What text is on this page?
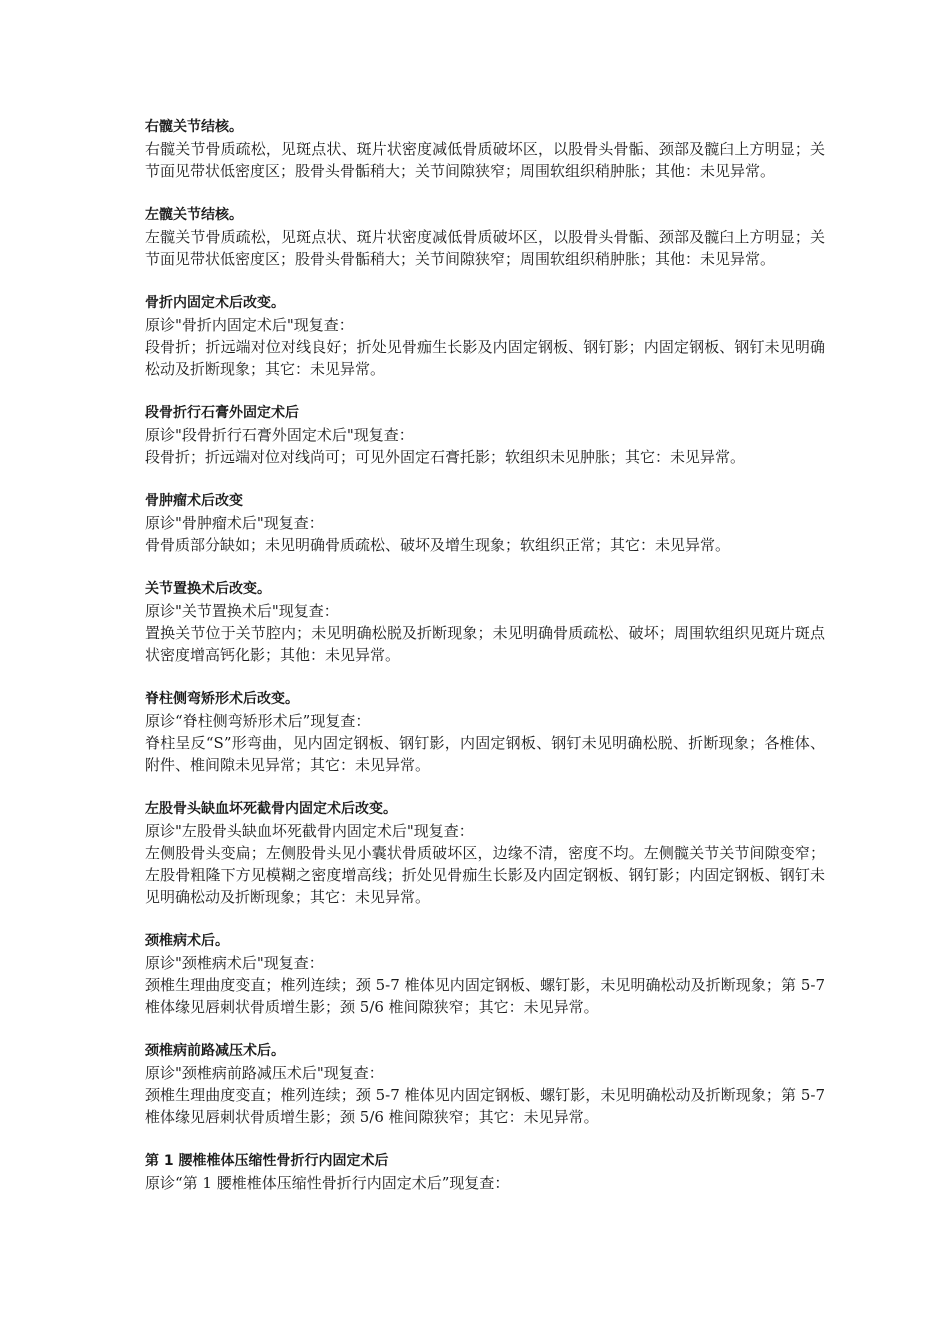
右髋关节结核。

右髋关节骨质疏松，见斑点状、斑片状密度减低骨质破坏区，以股骨头骨骺、颈部及髋臼上方明显；关节面见带状低密度区；股骨头骨骺稍大；关节间隙狭窄；周围软组织稍肿胀；其他：未见异常。

左髋关节结核。

左髋关节骨质疏松，见斑点状、斑片状密度减低骨质破坏区，以股骨头骨骺、颈部及髋臼上方明显；关节面见带状低密度区；股骨头骨骺稍大；关节间隙狭窄；周围软组织稍肿胀；其他：未见异常。

骨折内固定术后改变。

原诊"骨折内固定术后"现复查：

段骨折；折远端对位对线良好；折处见骨痂生长影及内固定钢板、钢钉影；内固定钢板、钢钉未见明确松动及折断现象；其它：未见异常。

段骨折行石膏外固定术后

原诊"段骨折行石膏外固定术后"现复查：

段骨折；折远端对位对线尚可；可见外固定石膏托影；软组织未见肿胀；其它：未见异常。

骨肿瘤术后改变

原诊"骨肿瘤术后"现复查：

骨骨质部分缺如；未见明确骨质疏松、破坏及增生现象；软组织正常；其它：未见异常。

关节置换术后改变。

原诊"关节置换术后"现复查：

置换关节位于关节腔内；未见明确松脱及折断现象；未见明确骨质疏松、破坏；周围软组织见斑片斑点状密度增高钙化影；其他：未见异常。

脊柱侧弯矫形术后改变。

原诊“脊柱侧弯矫形术后”现复查：

脊柱呈反“S”形弯曲，见内固定钢板、钢钉影，内固定钢板、钢钉未见明确松脱、折断现象；各椎体、附件、椎间隙未见异常；其它：未见异常。

左股骨头缺血坏死截骨内固定术后改变。

原诊"左股骨头缺血坏死截骨内固定术后"现复查：

左侧股骨头变扁；左侧股骨头见小囊状骨质破坏区，边缘不清，密度不均。左侧髋关节关节间隙变窄；左股骨粗隆下方见模糊之密度增高线；折处见骨痂生长影及内固定钢板、钢钉影；内固定钢板、钢钉未见明确松动及折断现象；其它：未见异常。

颈椎病术后。

原诊"颈椎病术后"现复查：

颈椎生理曲度变直；椎列连续；颈 5-7 椎体见内固定钢板、螺钉影，未见明确松动及折断现象；第 5-7 椎体缘见唇刺状骨质增生影；颈 5/6 椎间隙狭窄；其它：未见异常。

颈椎病前路减压术后。

原诊"颈椎病前路减压术后"现复查：

颈椎生理曲度变直；椎列连续；颈 5-7 椎体见内固定钢板、螺钉影，未见明确松动及折断现象；第 5-7 椎体缘见唇刺状骨质增生影；颈 5/6 椎间隙狭窄；其它：未见异常。

第 1 腰椎椎体压缩性骨折行内固定术后

原诊“第 1 腰椎椎体压缩性骨折行内固定术后”现复查：
